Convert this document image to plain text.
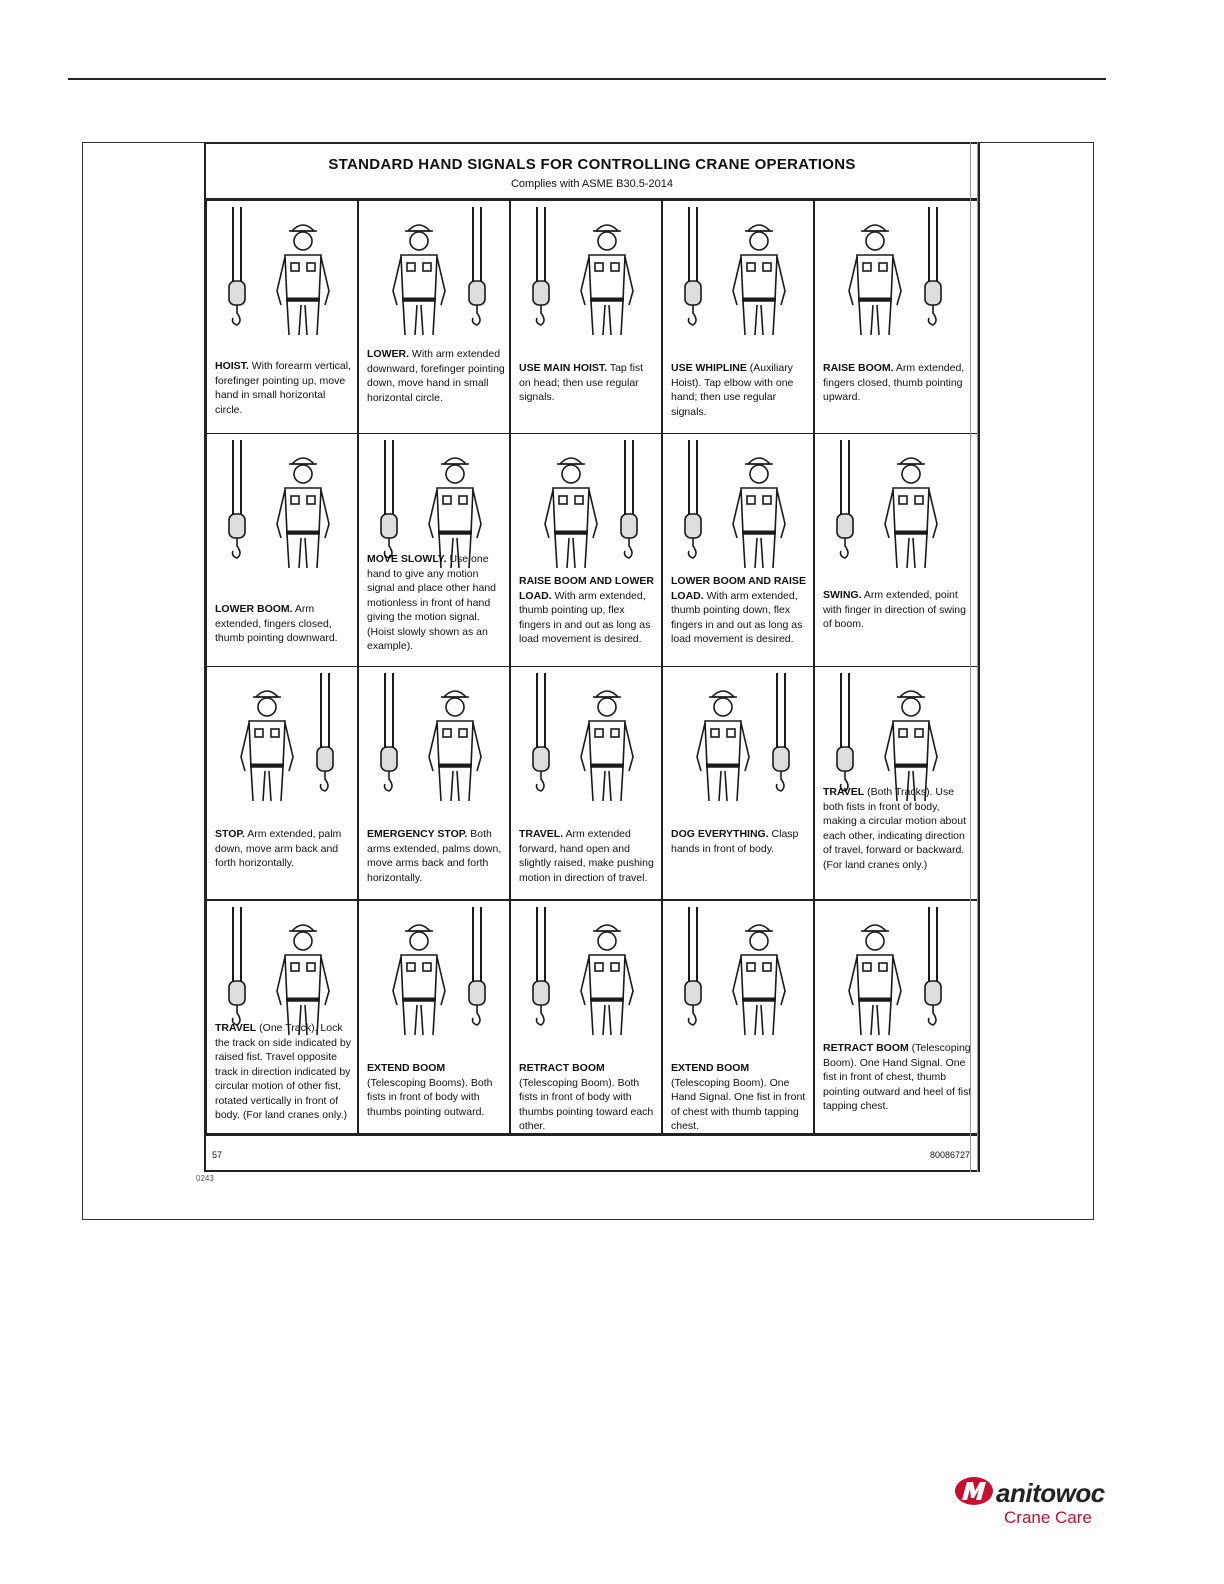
STANDARD HAND SIGNALS FOR CONTROLLING CRANE OPERATIONS
Complies with ASME B30.5-2014
HOIST. With forearm vertical, forefinger pointing up, move hand in small horizontal circle.
LOWER. With arm extended downward, forefinger pointing down, move hand in small horizontal circle.
USE MAIN HOIST. Tap fist on head; then use regular signals.
USE WHIPLINE (Auxiliary Hoist). Tap elbow with one hand; then use regular signals.
RAISE BOOM. Arm extended, fingers closed, thumb pointing upward.
LOWER BOOM. Arm extended, fingers closed, thumb pointing downward.
MOVE SLOWLY. Use one hand to give any motion signal and place other hand motionless in front of hand giving the motion signal. (Hoist slowly shown as an example).
RAISE BOOM AND LOWER LOAD. With arm extended, thumb pointing up, flex fingers in and out as long as load movement is desired.
LOWER BOOM AND RAISE LOAD. With arm extended, thumb pointing down, flex fingers in and out as long as load movement is desired.
SWING. Arm extended, point with finger in direction of swing of boom.
STOP. Arm extended, palm down, move arm back and forth horizontally.
EMERGENCY STOP. Both arms extended, palms down, move arms back and forth horizontally.
TRAVEL. Arm extended forward, hand open and slightly raised, make pushing motion in direction of travel.
DOG EVERYTHING. Clasp hands in front of body.
TRAVEL (Both Tracks). Use both fists in front of body, making a circular motion about each other, indicating direction of travel, forward or backward. (For land cranes only.)
TRAVEL (One Track). Lock the track on side indicated by raised fist. Travel opposite track in direction indicated by circular motion of other fist, rotated vertically in front of body. (For land cranes only.)
EXTEND BOOM (Telescoping Booms). Both fists in front of body with thumbs pointing outward.
RETRACT BOOM (Telescoping Boom). Both fists in front of body with thumbs pointing toward each other.
EXTEND BOOM (Telescoping Boom). One Hand Signal. One fist in front of chest with thumb tapping chest.
RETRACT BOOM (Telescoping Boom). One Hand Signal. One fist in front of chest, thumb pointing outward and heel of fist tapping chest.
57	80086727
0243
anitowoc
Crane Care
